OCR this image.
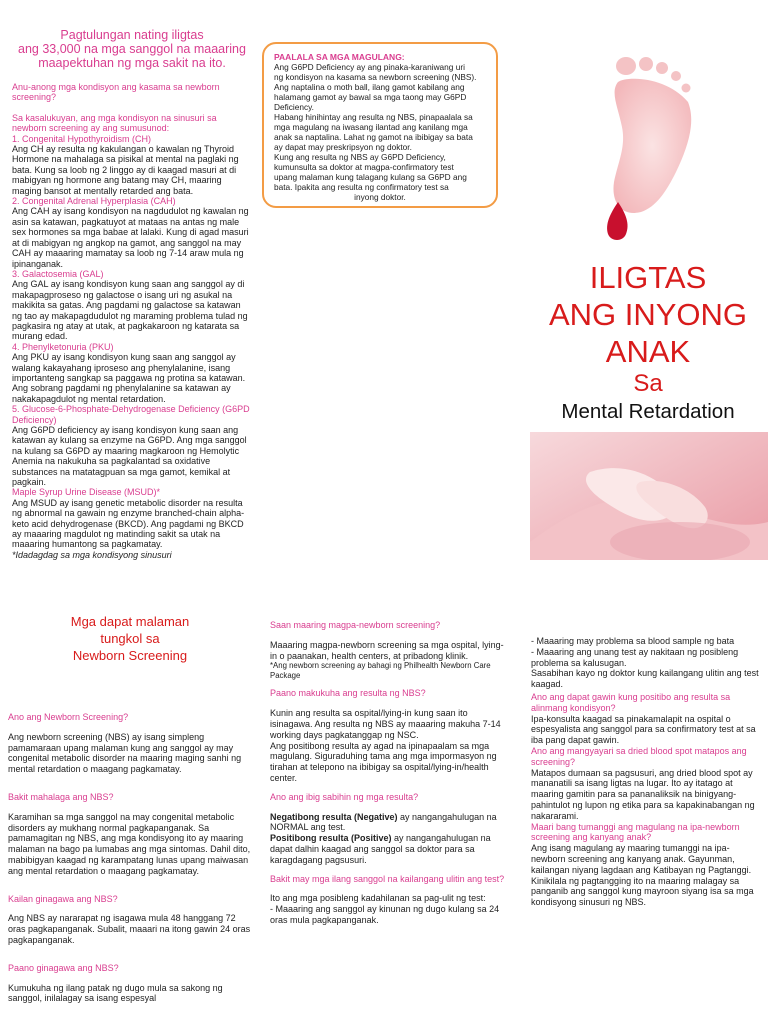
Pagtulungan nating iligtas
ang 33,000 na mga sanggol na maaaring
maapektuhan ng mga sakit na ito.

Anu-anong mga kondisyon ang kasama sa newborn screening?

Sa kasalukuyan, ang mga kondisyon na sinusuri sa newborn screening ay ang sumusunod:

1. Congenital Hypothyroidism (CH)

Ang CH ay resulta ng kakulangan o kawalan ng Thyroid Hormone na mahalaga sa pisikal at mental na paglaki ng bata. Kung sa loob ng 2 linggo ay di kaagad masuri at di mabigyan ng hormone ang batang may CH, maaring maging bansot at mentally retarded ang bata.

2. Congenital Adrenal Hyperplasia (CAH)

Ang CAH ay isang kondisyon na nagdudulot ng kawalan ng asin sa katawan, pagkatuyot at mataas na antas ng male sex hormones sa mga babae at lalaki. Kung di agad masuri at di mabigyan ng angkop na gamot, ang sanggol na may CAH ay maaaring mamatay sa loob ng 7-14 araw mula ng ipinanganak.

3. Galactosemia (GAL)

Ang GAL ay isang kondisyon kung saan ang sanggol ay di makapagproseso ng galactose o isang uri ng asukal na makikita sa gatas. Ang pagdami ng galactose sa katawan ng tao ay makapagdudulot ng maraming problema tulad ng pagkasira ng atay at utak, at pagkakaroon ng katarata sa murang edad.

4. Phenylketonuria (PKU)

Ang PKU ay isang kondisyon kung saan ang sanggol ay walang kakayahang iproseso ang phenylalanine, isang importanteng sangkap sa paggawa ng protina sa katawan. Ang sobrang pagdami ng phenylalanine sa katawan ay nakakapagdulot ng mental retardation.

5. Glucose-6-Phosphate-Dehydrogenase Deficiency (G6PD Deficiency)

Ang G6PD deficiency ay isang kondisyon kung saan ang katawan ay kulang sa enzyme na G6PD. Ang mga sanggol na kulang sa G6PD ay maaring magkaroon ng Hemolytic Anemia na nakukuha sa pagkalantad sa oxidative substances na matatagpuan sa mga gamot, kemikal at pagkain.

Maple Syrup Urine Disease (MSUD)*

Ang MSUD ay isang genetic metabolic disorder na resulta ng abnormal na gawain ng enzyme branched-chain alpha-keto acid dehydrogenase (BKCD). Ang pagdami ng BKCD ay maaaring magdulot ng matinding sakit sa utak na maaaring humantong sa pagkamatay.

*Idadagdag sa mga kondisyong sinusuri

PAALALA SA MGA MAGULANG:
Ang G6PD Deficiency ay ang pinaka-karaniwang uri
ng kondisyon na kasama sa newborn screening (NBS).
Ang naptalina o moth ball, ilang gamot kabilang ang
halamang gamot ay bawal sa mga taong may G6PD
Deficiency.
Habang hinihintay ang resulta ng NBS, pinapaalala sa
mga magulang na iwasang ilantad ang kanilang mga
anak sa naptalina. Lahat ng gamot na ibibigay sa bata
ay dapat may preskripsyon ng doktor.
Kung ang resulta ng NBS ay G6PD Deficiency,
kumunsulta sa doktor at magpa-confirmatory test
upang malaman kung talagang kulang sa G6PD ang
bata. Ipakita ang resulta ng confirmatory test sa
inyong doktor.
ILIGTAS
ANG INYONG
ANAK
Sa
Mental Retardation
Mga dapat malaman
tungkol sa
Newborn Screening

Ano ang Newborn Screening?

Ang newborn screening (NBS) ay isang simpleng pamamaraan upang malaman kung ang sanggol ay may congenital metabolic disorder na maaring maging sanhi ng mental retardation o maagang pagkamatay.

Bakit mahalaga ang NBS?

Karamihan sa mga sanggol na may congenital metabolic disorders ay mukhang normal pagkapanganak. Sa pamamagitan ng NBS, ang mga kondisyong ito ay maaring malaman na bago pa lumabas ang mga sintomas. Dahil dito, mabibigyan kaagad ng karampatang lunas upang maiwasan ang mental retardation o maagang pagkamatay.

Kailan ginagawa ang NBS?

Ang NBS ay nararapat ng isagawa mula 48 hanggang 72 oras pagkapanganak. Subalit, maaari na itong gawin 24 oras pagkapanganak.

Paano ginagawa ang NBS?

Kumukuha ng ilang patak ng dugo mula sa sakong ng sanggol, inilalagay sa isang espesyal

Saan maaring magpa-newborn screening?

Maaaring magpa-newborn screening sa mga ospital, lying-in o paanakan, health centers, at pribadong klinik.

*Ang newborn screening ay bahagi ng Philhealth Newborn Care Package

Paano makukuha ang resulta ng NBS?

Kunin ang resulta sa ospital/lying-in kung saan ito isinagawa. Ang resulta ng NBS ay maaaring makuha 7-14 working days pagkatanggap ng NSC.

Ang positibong resulta ay agad na ipinapaalam sa mga magulang. Siguraduhing tama ang mga impormasyon ng tirahan at telepono na ibibigay sa ospital/lying-in/health center.

Ano ang ibig sabihin ng mga resulta?

Negatibong resulta (Negative) ay nangangahulugan na NORMAL ang test.

Positibong resulta (Positive) ay nangangahulugan na dapat dalhin kaagad ang sanggol sa doktor para sa karagdagang pagsusuri.

Bakit may mga ilang sanggol na kailangang ulitin ang test?

Ito ang mga posibleng kadahilanan sa pag-ulit ng test:

- Maaaring ang sanggol ay kinunan ng dugo kulang sa 24 oras mula pagkapanganak.

- Maaaring may problema sa blood sample ng bata

- Maaaring ang unang test ay nakitaan ng posibleng problema sa kalusugan.

Sasabihan kayo ng doktor kung kailangang ulitin ang test kaagad.

Ano ang dapat gawin kung positibo ang resulta sa alinmang kondisyon?

Ipa-konsulta kaagad sa pinakamalapit na ospital o espesyalista ang sanggol para sa confirmatory test at sa iba pang dapat gawin.

Ano ang mangyayari sa dried blood spot matapos ang screening?

Matapos dumaan sa pagsusuri, ang dried blood spot ay mananatili sa isang ligtas na lugar. Ito ay itatago at maaring gamitin para sa pananaliksik na binigyang-pahintulot ng lupon ng etika para sa kapakinabangan ng nakararami.

Maari bang tumanggi ang magulang na ipa-newborn screening ang kanyang anak?

Ang isang magulang ay maaring tumanggi na ipa-newborn screening ang kanyang anak. Gayunman, kailangan niyang lagdaan ang Katibayan ng Pagtanggi. Kinikilala ng pagtangging ito na maaring malagay sa panganib ang sanggol kung mayroon siyang isa sa mga kondisyong sinusuri ng NBS.
